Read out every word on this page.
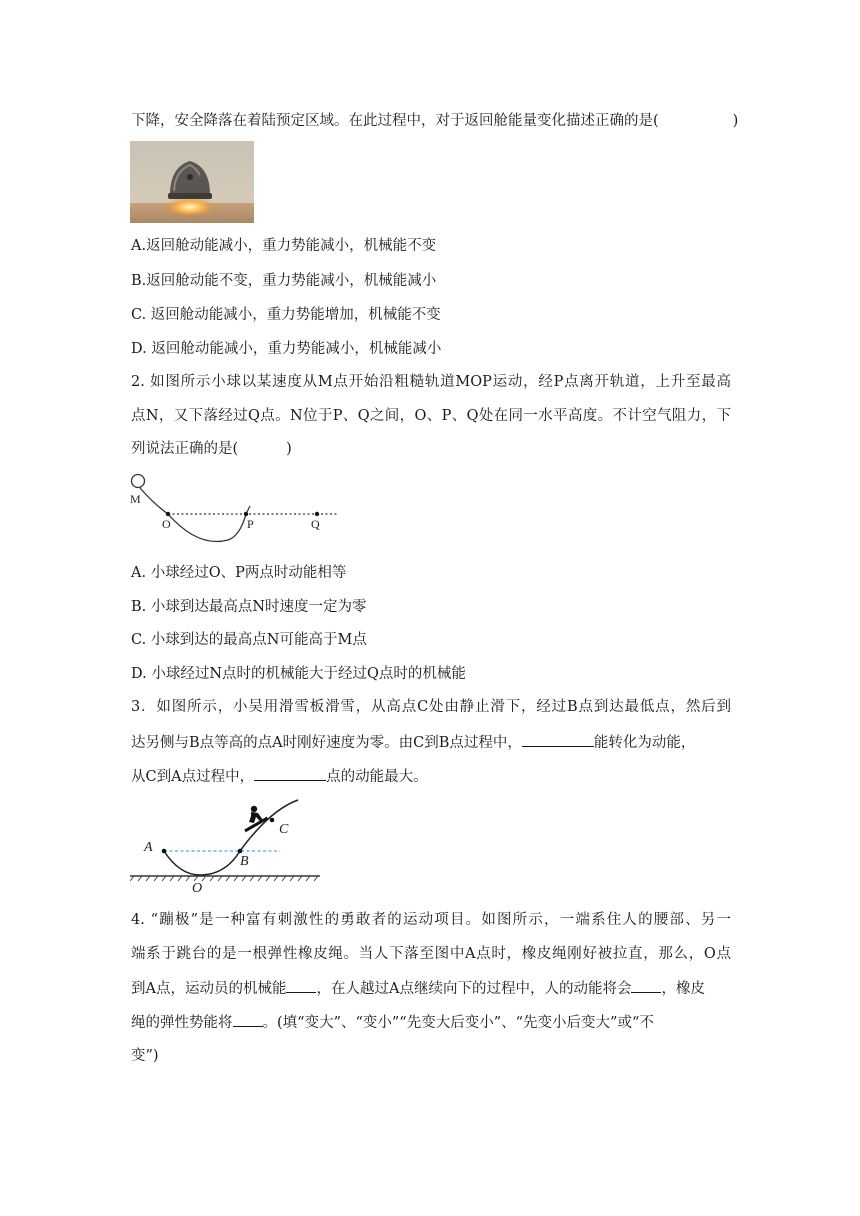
下降，安全降落在着陆预定区域。在此过程中，对于返回舱能量变化描述正确的是(	)
A.返回舱动能减小，重力势能减小，机械能不变
B.返回舱动能不变，重力势能减小，机械能减小
C. 返回舱动能减小，重力势能增加，机械能不变
D. 返回舱动能减小，重力势能减小，机械能减小
2. 如图所示小球以某速度从M点开始沿粗糙轨道MOP运动，经P点离开轨道，上升至最高
点N，又下落经过Q点。N位于P、Q之间，O、P、Q处在同一水平高度。不计空气阻力，下
列说法正确的是(	)
M
O	P	Q
A. 小球经过O、P两点时动能相等
B. 小球到达最高点N时速度一定为零
C. 小球到达的最高点N可能高于M点
D. 小球经过N点时的机械能大于经过Q点时的机械能
3．如图所示，小吴用滑雪板滑雪，从高点C处由静止滑下，经过B点到达最低点，然后到
达另侧与B点等高的点A时刚好速度为零。由C到B点过程中，	能转化为动能，
从C到A点过程中，	点的动能最大。
A
B
C
O
4. “蹦极”是一种富有刺激性的勇敢者的运动项目。如图所示，一端系住人的腰部、另一
端系于跳台的是一根弹性橡皮绳。当人下落至图中A点时，橡皮绳刚好被拉直，那么，O点
到A点，运动员的机械能 ，在人越过A点继续向下的过程中，人的动能将会 ，橡皮
绳的弹性势能将 。(填“变大”、“变小”“先变大后变小”、“先变小后变大”或“不
变”)
